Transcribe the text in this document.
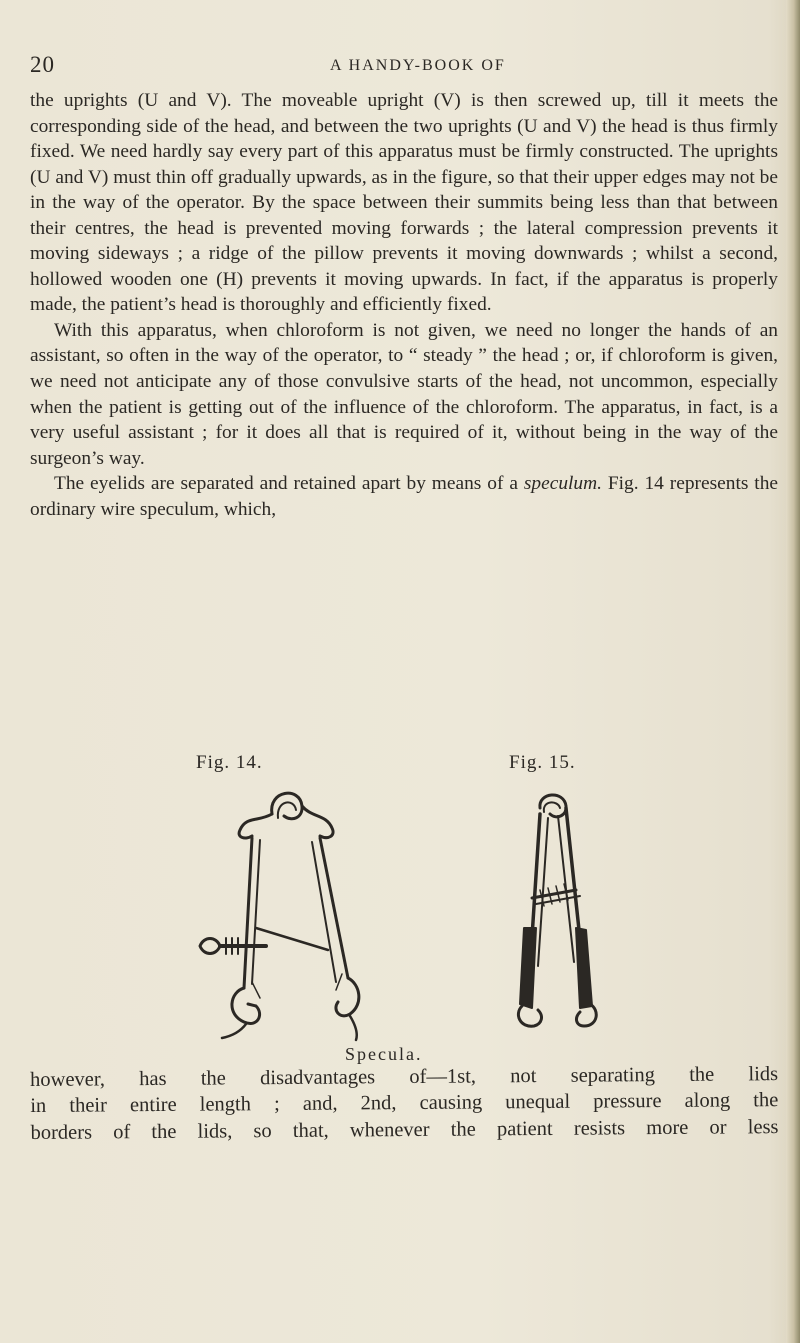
20	A HANDY-BOOK OF

the uprights (U and V). The moveable upright (V) is then screwed up, till it meets the corresponding side of the head, and between the two uprights (U and V) the head is thus firmly fixed. We need hardly say every part of this apparatus must be firmly constructed. The uprights (U and V) must thin off gradually upwards, as in the figure, so that their upper edges may not be in the way of the operator. By the space between their summits being less than that between their centres, the head is prevented moving forwards ; the lateral compression prevents it moving sideways ; a ridge of the pillow prevents it moving downwards ; whilst a second, hollowed wooden one (H) prevents it moving upwards. In fact, if the apparatus is properly made, the patient’s head is thoroughly and efficiently fixed.

With this apparatus, when chloroform is not given, we need no longer the hands of an assistant, so often in the way of the operator, to “ steady ” the head ; or, if chloroform is given, we need not anticipate any of those convulsive starts of the head, not uncommon, especially when the patient is getting out of the influence of the chloroform. The apparatus, in fact, is a very useful assistant ; for it does all that is required of it, without being in the way of the surgeon’s way.

The eyelids are separated and retained apart by means of a speculum. Fig. 14 represents the ordinary wire speculum, which,

Fig. 14.	Fig. 15.
Specula.
however, has the disadvantages of—1st, not separating the lids
in their entire length ; and, 2nd, causing unequal pressure along the
borders of the lids, so that, whenever the patient resists more or less
